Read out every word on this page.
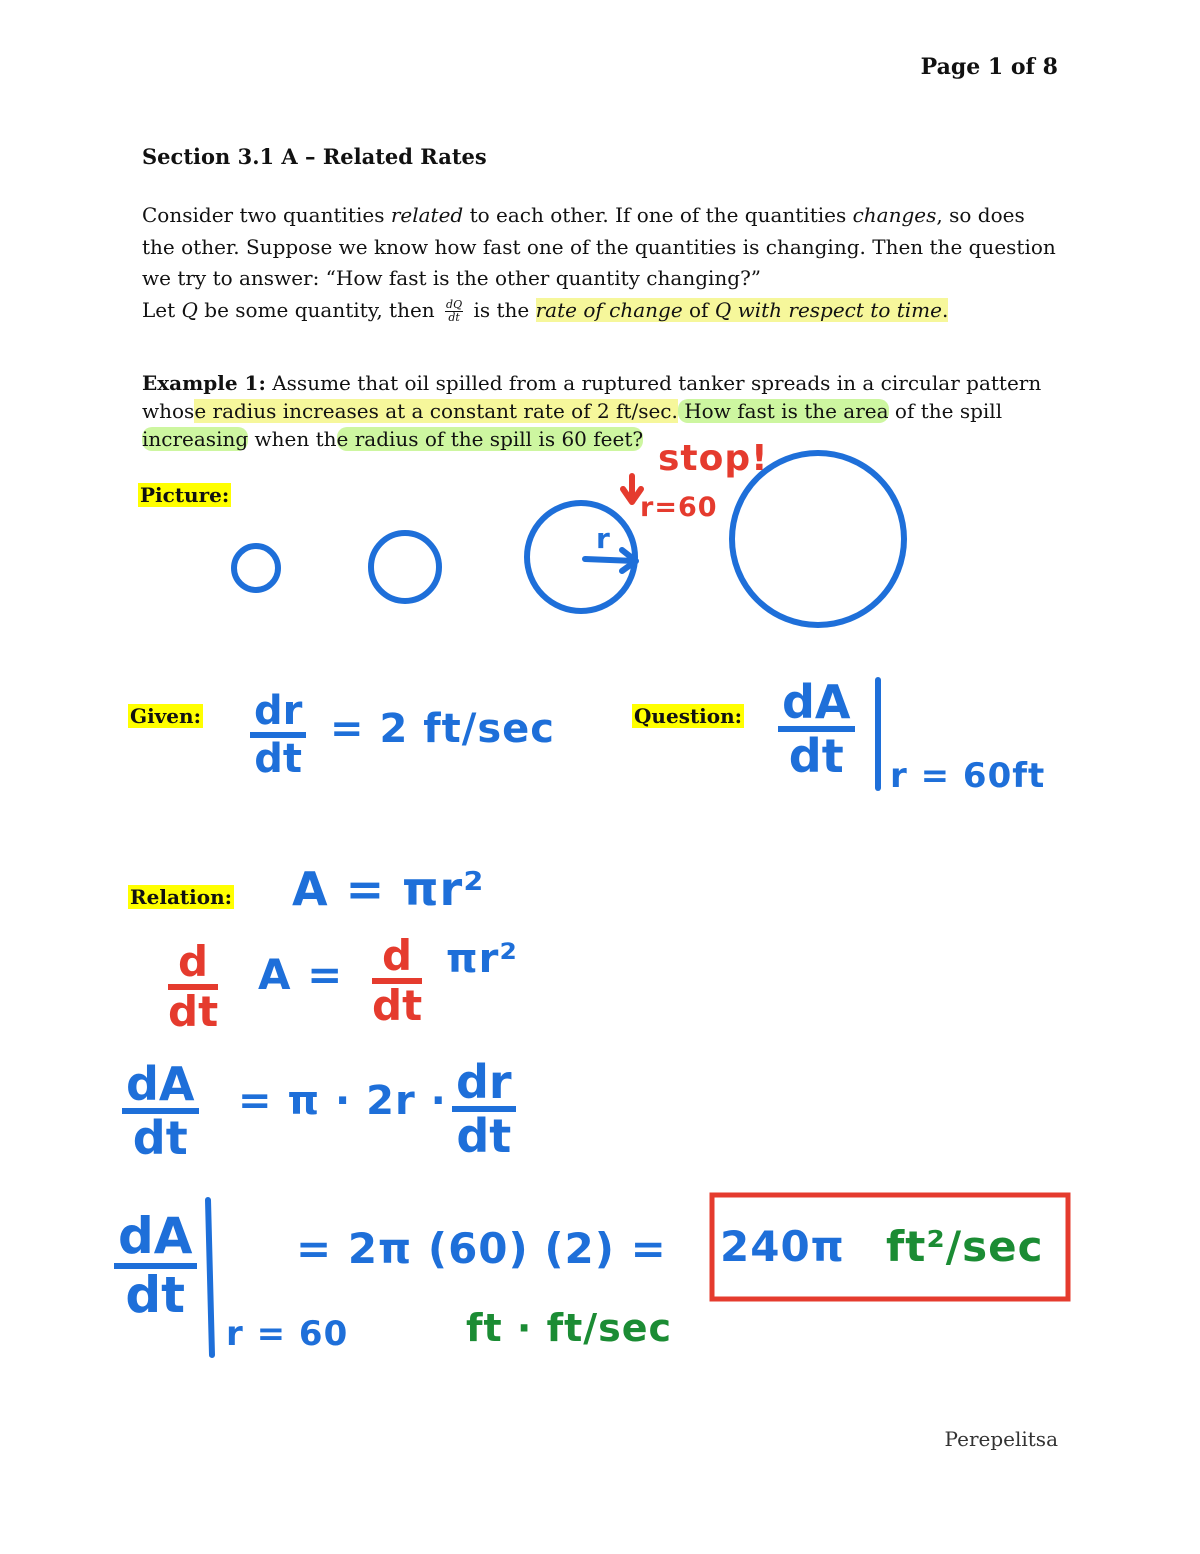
Page 1 of 8
Section 3.1 A – Related Rates
Consider two quantities related to each other. If one of the quantities changes, so does the other. Suppose we know how fast one of the quantities is changing. Then the question we try to answer: “How fast is the other quantity changing?”
Let Q be some quantity, then $\frac{dQ}{dt}$ is the rate of change of Q with respect to time.
Example 1: Assume that oil spilled from a ruptured tanker spreads in a circular pattern whose radius increases at a constant rate of 2 ft/sec. How fast is the area of the spill increasing when the radius of the spill is 60 feet?
Picture:
Given:	Question:
Relation:
stop!
r=60
r
$\frac{dr}{dt} = 2$ ft/sec	$\frac{dA}{dt}$ r = 60ft
A = πr²
$\frac{d}{dt}$ $A = \frac{d}{dt} \pi r^2$
$\frac{dA}{dt} = \pi \cdot 2r$ · dr
dt
$\frac{dA}{dt}$
r = 60
= 2π (60) (2) = 240π ft²/sec
ft · ft/sec
Perepelitsa
